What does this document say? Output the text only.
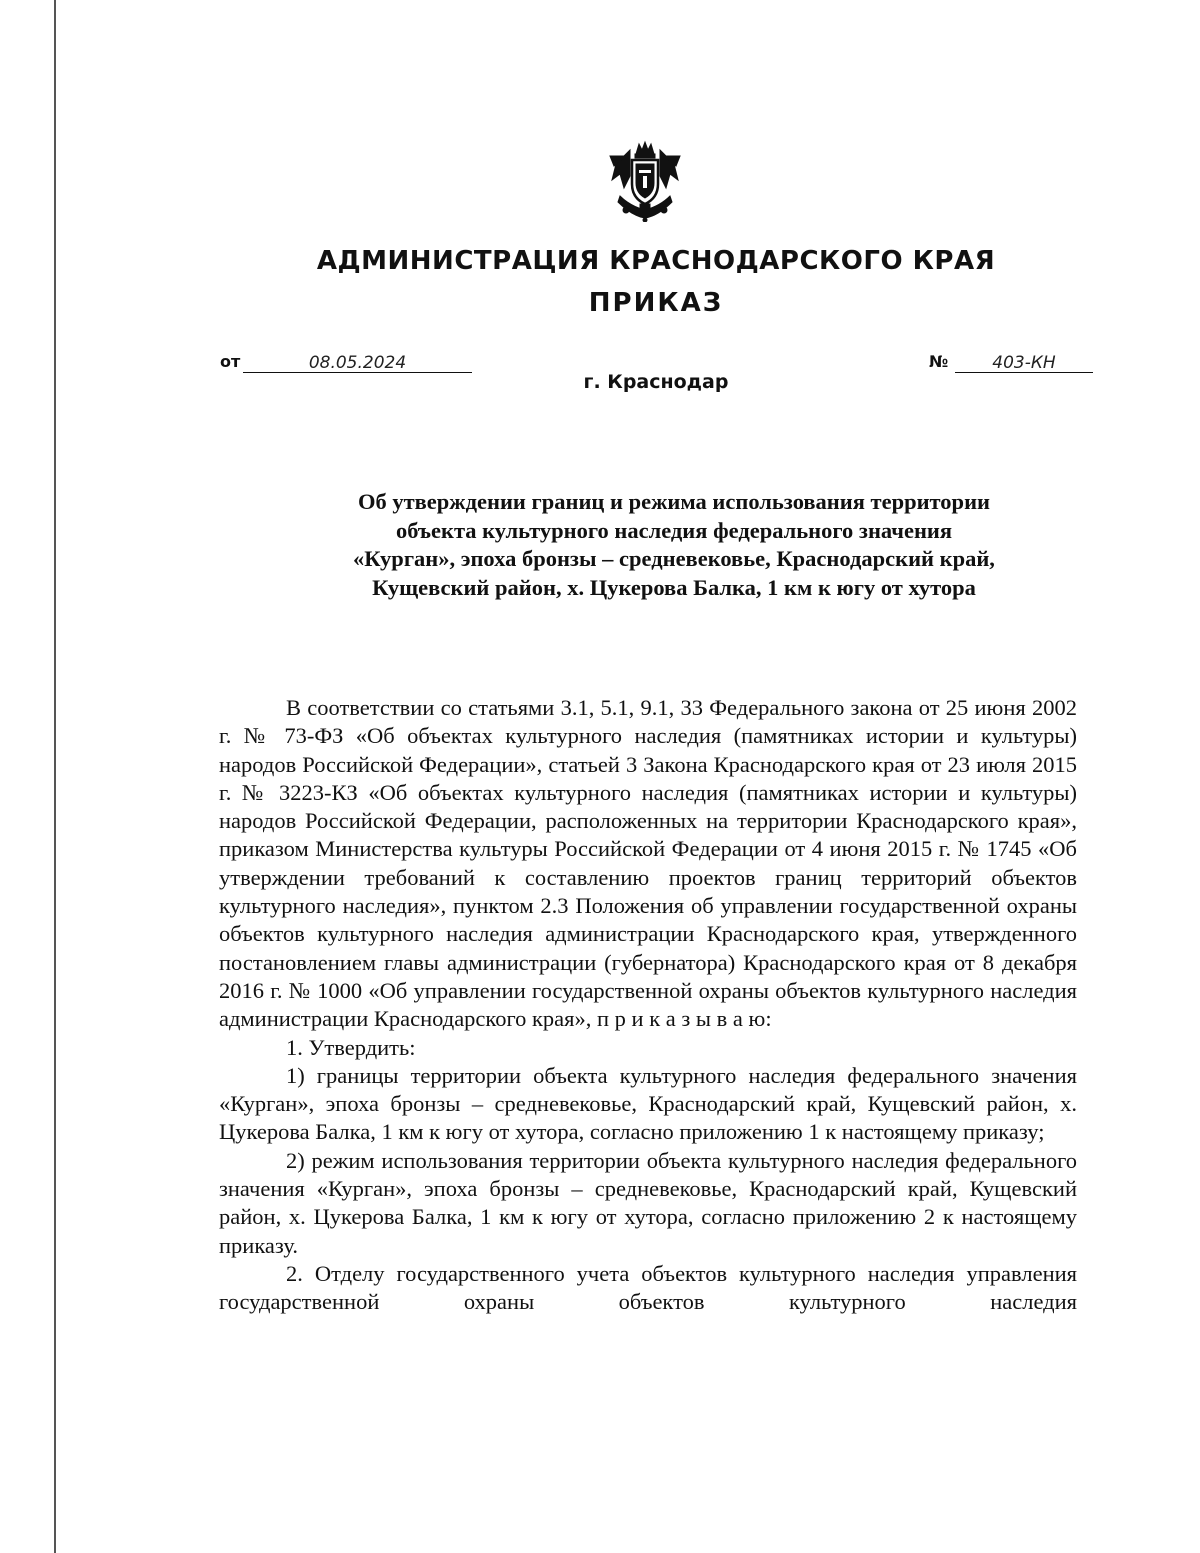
АДМИНИСТРАЦИЯ КРАСНОДАРСКОГО КРАЯ
ПРИКАЗ
от	08.05.2024	№	403-КН
г. Краснодар
Об утверждении границ и режима использования территории
объекта культурного наследия федерального значения
«Курган», эпоха бронзы – средневековье, Краснодарский край,
Кущевский район, х. Цукерова Балка, 1 км к югу от хутора

В соответствии со статьями 3.1, 5.1, 9.1, 33 Федерального закона от 25 июня 2002 г. № 73-ФЗ «Об объектах культурного наследия (памятниках истории и культуры) народов Российской Федерации», статьей 3 Закона Краснодарского края от 23 июля 2015 г. № 3223-КЗ «Об объектах культурного наследия (памятниках истории и культуры) народов Российской Федерации, расположенных на территории Краснодарского края», приказом Министерства культуры Российской Федерации от 4 июня 2015 г. № 1745 «Об утверждении требований к составлению проектов границ территорий объектов культурного наследия», пунктом 2.3 Положения об управлении государственной охраны объектов культурного наследия администрации Краснодарского края, утвержденного постановлением главы администрации (губернатора) Краснодарского края от 8 декабря 2016 г. № 1000 «Об управлении государственной охраны объектов культурного наследия администрации Краснодарского края», п р и к а з ы в а ю:

1. Утвердить:

1) границы территории объекта культурного наследия федерального значения «Курган», эпоха бронзы – средневековье, Краснодарский край, Кущевский район, х. Цукерова Балка, 1 км к югу от хутора, согласно приложению 1 к настоящему приказу;

2) режим использования территории объекта культурного наследия федерального значения «Курган», эпоха бронзы – средневековье, Краснодарский край, Кущевский район, х. Цукерова Балка, 1 км к югу от хутора, согласно приложению 2 к настоящему приказу.

2. Отделу государственного учета объектов культурного наследия управления государственной охраны объектов культурного наследия
